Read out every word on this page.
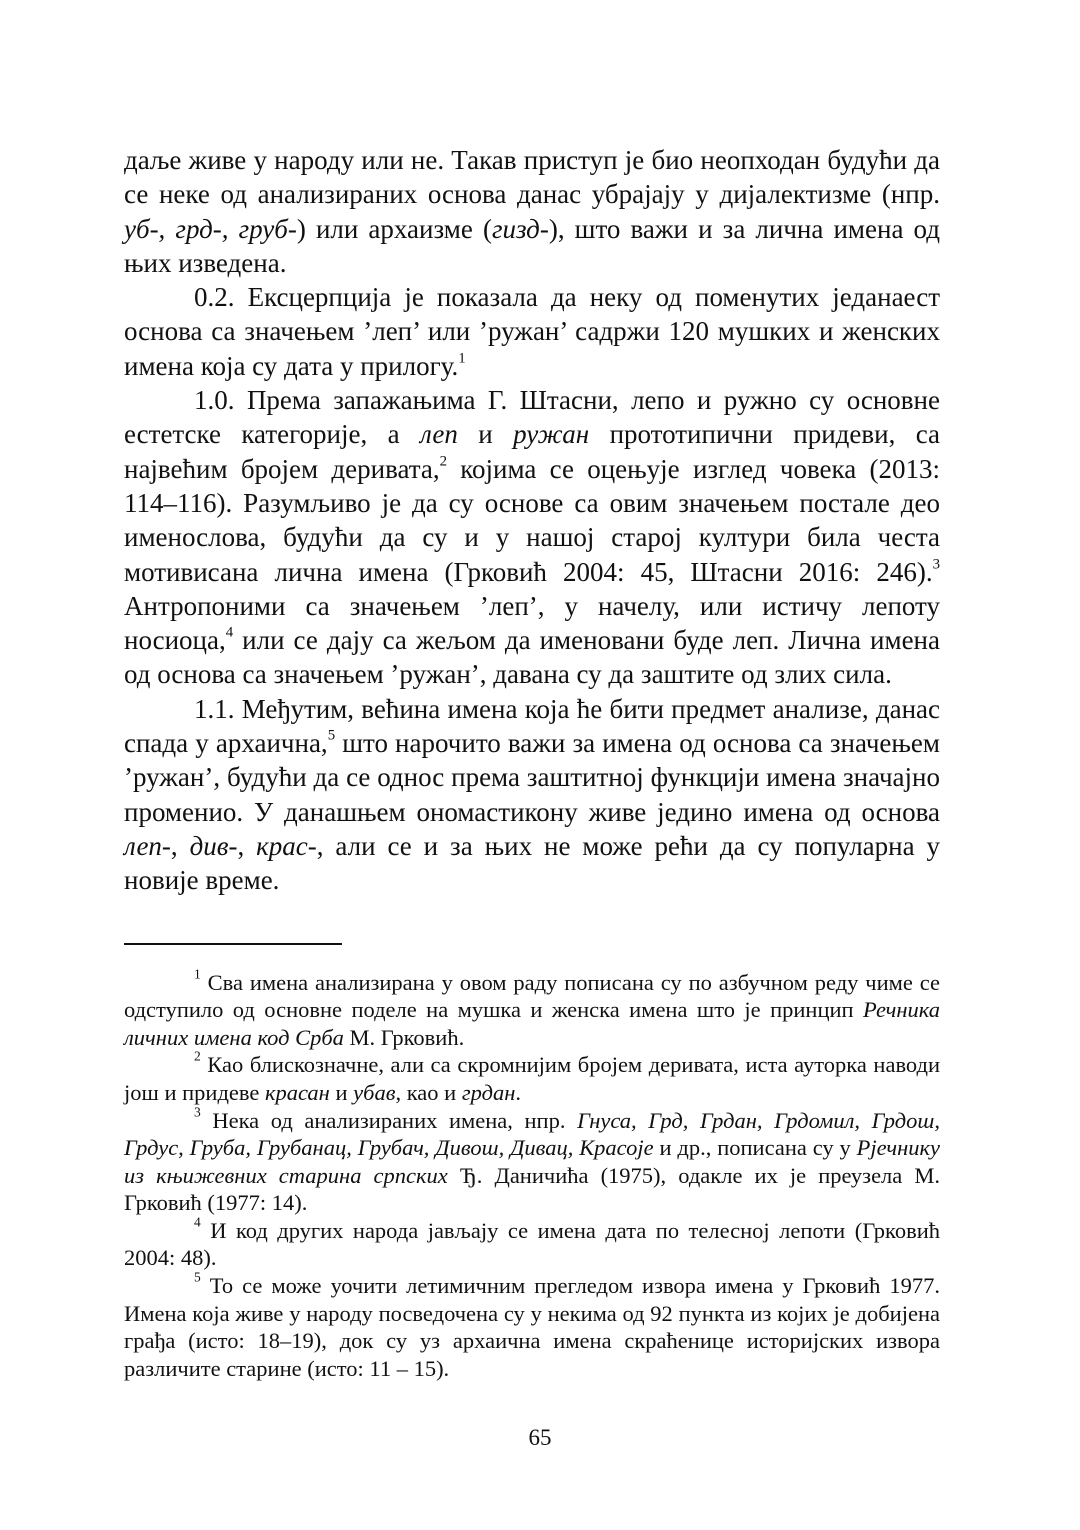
даље живе у народу или не. Такав приступ је био неопходан будући да се неке од анализираних основа данас убрајају у дијалектизме (нпр. уб-, грд-, груб-) или архаизме (гизд-), што важи и за лична имена од њих изведена.

0.2. Ексцерпција је показала да неку од поменутих једанаест основа са значењем ’леп’ или ’ружан’ садржи 120 мушких и женских имена која су дата у прилогу.$^1$

1.0. Према запажањима Г. Штасни, лепо и ружно су основне естетске категорије, а леп и ружан прототипични придеви, са највећим бројем деривата,$^2$ којима се оцењује изглед човека (2013: 114–116). Разумљиво је да су основе са овим значењем постале део именослова, будући да су и у нашој старој култури била честа мотивисана лична имена (Грковић 2004: 45, Штасни 2016: 246).$^3$ Антропоними са значењем ’леп’, у начелу, или истичу лепоту носиоца,$^4$ или се дају са жељом да именовани буде леп. Лична имена од основа са значењем ’ружан’, давана су да заштите од злих сила.

1.1. Међутим, већина имена која ће бити предмет анализе, данас спада у архаична,$^5$ што нарочито важи за имена од основа са значењем ’ружан’, будући да се однос према заштитној функцији имена значајно променио. У данашњем ономастикону живе једино имена од основа леп-, див-, крас-, али се и за њих не може рећи да су популарна у новије време.

$^1$ Сва имена анализирана у овом раду пописана су по азбучном реду чиме се одступило од основне поделе на мушка и женска имена што је принцип Речника личних имена код Срба М. Грковић.

$^2$ Као блискозначне, али са скромнијим бројем деривата, иста ауторка наводи још и придеве красан и убав, као и грдан.

$^3$ Нека од анализираних имена, нпр. Гнуса, Грд, Грдан, Грдомил, Грдош, Грдус, Груба, Грубанац, Грубач, Дивош, Дивац, Красоје и др., пописана су у Рјечнику из књижевних старина српских Ђ. Даничића (1975), одакле их је преузела М. Грковић (1977: 14).

$^4$ И код других народа јављају се имена дата по телесној лепоти (Грковић 2004: 48).

$^5$ То се може уочити летимичним прегледом извора имена у Грковић 1977. Имена која живе у народу посведочена су у некима од 92 пункта из којих је добијена грађа (исто: 18–19), док су уз архаична имена скраћенице историјских извора различите старине (исто: 11 – 15).

65
